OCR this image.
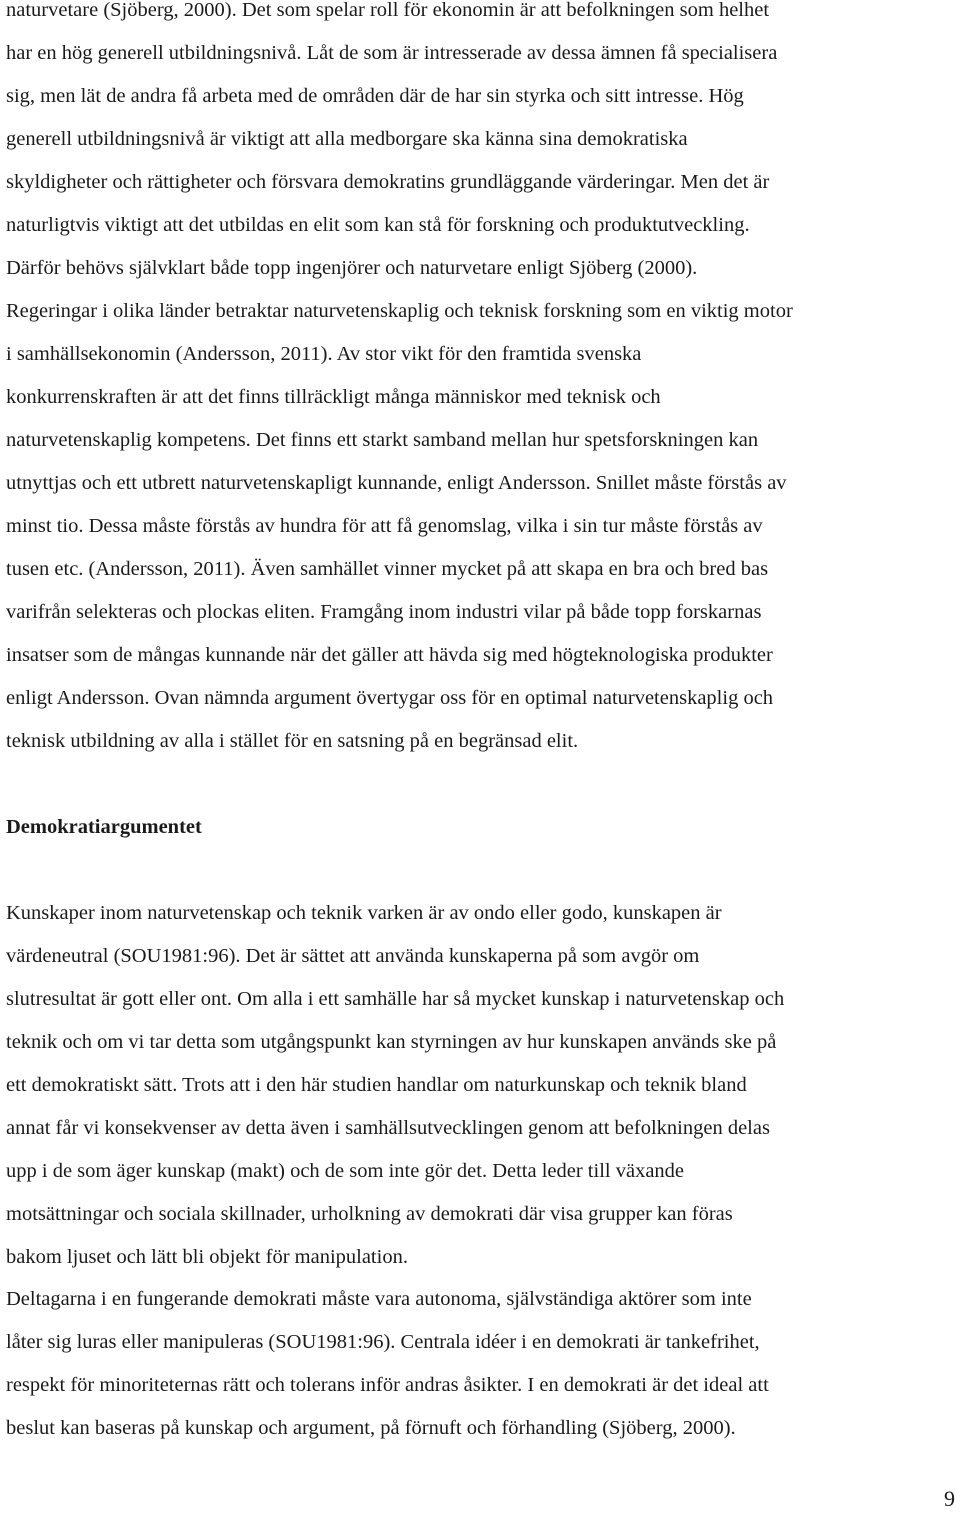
naturvetare (Sjöberg, 2000). Det som spelar roll för ekonomin är att befolkningen som helhet
har en hög generell utbildningsnivå. Låt de som är intresserade av dessa ämnen få specialisera
sig, men lät de andra få arbeta med de områden där de har sin styrka och sitt intresse. Hög
generell utbildningsnivå är viktigt att alla medborgare ska känna sina demokratiska
skyldigheter och rättigheter och försvara demokratins grundläggande värderingar. Men det är
naturligtvis viktigt att det utbildas en elit som kan stå för forskning och produktutveckling.
Därför behövs självklart både topp ingenjörer och naturvetare enligt Sjöberg (2000).
Regeringar i olika länder betraktar naturvetenskaplig och teknisk forskning som en viktig motor
i samhällsekonomin (Andersson, 2011). Av stor vikt för den framtida svenska
konkurrenskraften är att det finns tillräckligt många människor med teknisk och
naturvetenskaplig kompetens. Det finns ett starkt samband mellan hur spetsforskningen kan
utnyttjas och ett utbrett naturvetenskapligt kunnande, enligt Andersson. Snillet måste förstås av
minst tio. Dessa måste förstås av hundra för att få genomslag, vilka i sin tur måste förstås av
tusen etc. (Andersson, 2011). Även samhället vinner mycket på att skapa en bra och bred bas
varifrån selekteras och plockas eliten. Framgång inom industri vilar på både topp forskarnas
insatser som de mångas kunnande när det gäller att hävda sig med högteknologiska produkter
enligt Andersson. Ovan nämnda argument övertygar oss för en optimal naturvetenskaplig och
teknisk utbildning av alla i stället för en satsning på en begränsad elit.
Demokratiargumentet
Kunskaper inom naturvetenskap och teknik varken är av ondo eller godo, kunskapen är
värdeneutral (SOU1981:96). Det är sättet att använda kunskaperna på som avgör om
slutresultat är gott eller ont. Om alla i ett samhälle har så mycket kunskap i naturvetenskap och
teknik och om vi tar detta som utgångspunkt kan styrningen av hur kunskapen används ske på
ett demokratiskt sätt. Trots att i den här studien handlar om naturkunskap och teknik bland
annat får vi konsekvenser av detta även i samhällsutvecklingen genom att befolkningen delas
upp i de som äger kunskap (makt) och de som inte gör det. Detta leder till växande
motsättningar och sociala skillnader, urholkning av demokrati där visa grupper kan föras
bakom ljuset och lätt bli objekt för manipulation.
Deltagarna i en fungerande demokrati måste vara autonoma, självständiga aktörer som inte
låter sig luras eller manipuleras (SOU1981:96). Centrala idéer i en demokrati är tankefrihet,
respekt för minoriteternas rätt och tolerans inför andras åsikter. I en demokrati är det ideal att
beslut kan baseras på kunskap och argument, på förnuft och förhandling (Sjöberg, 2000).
9
